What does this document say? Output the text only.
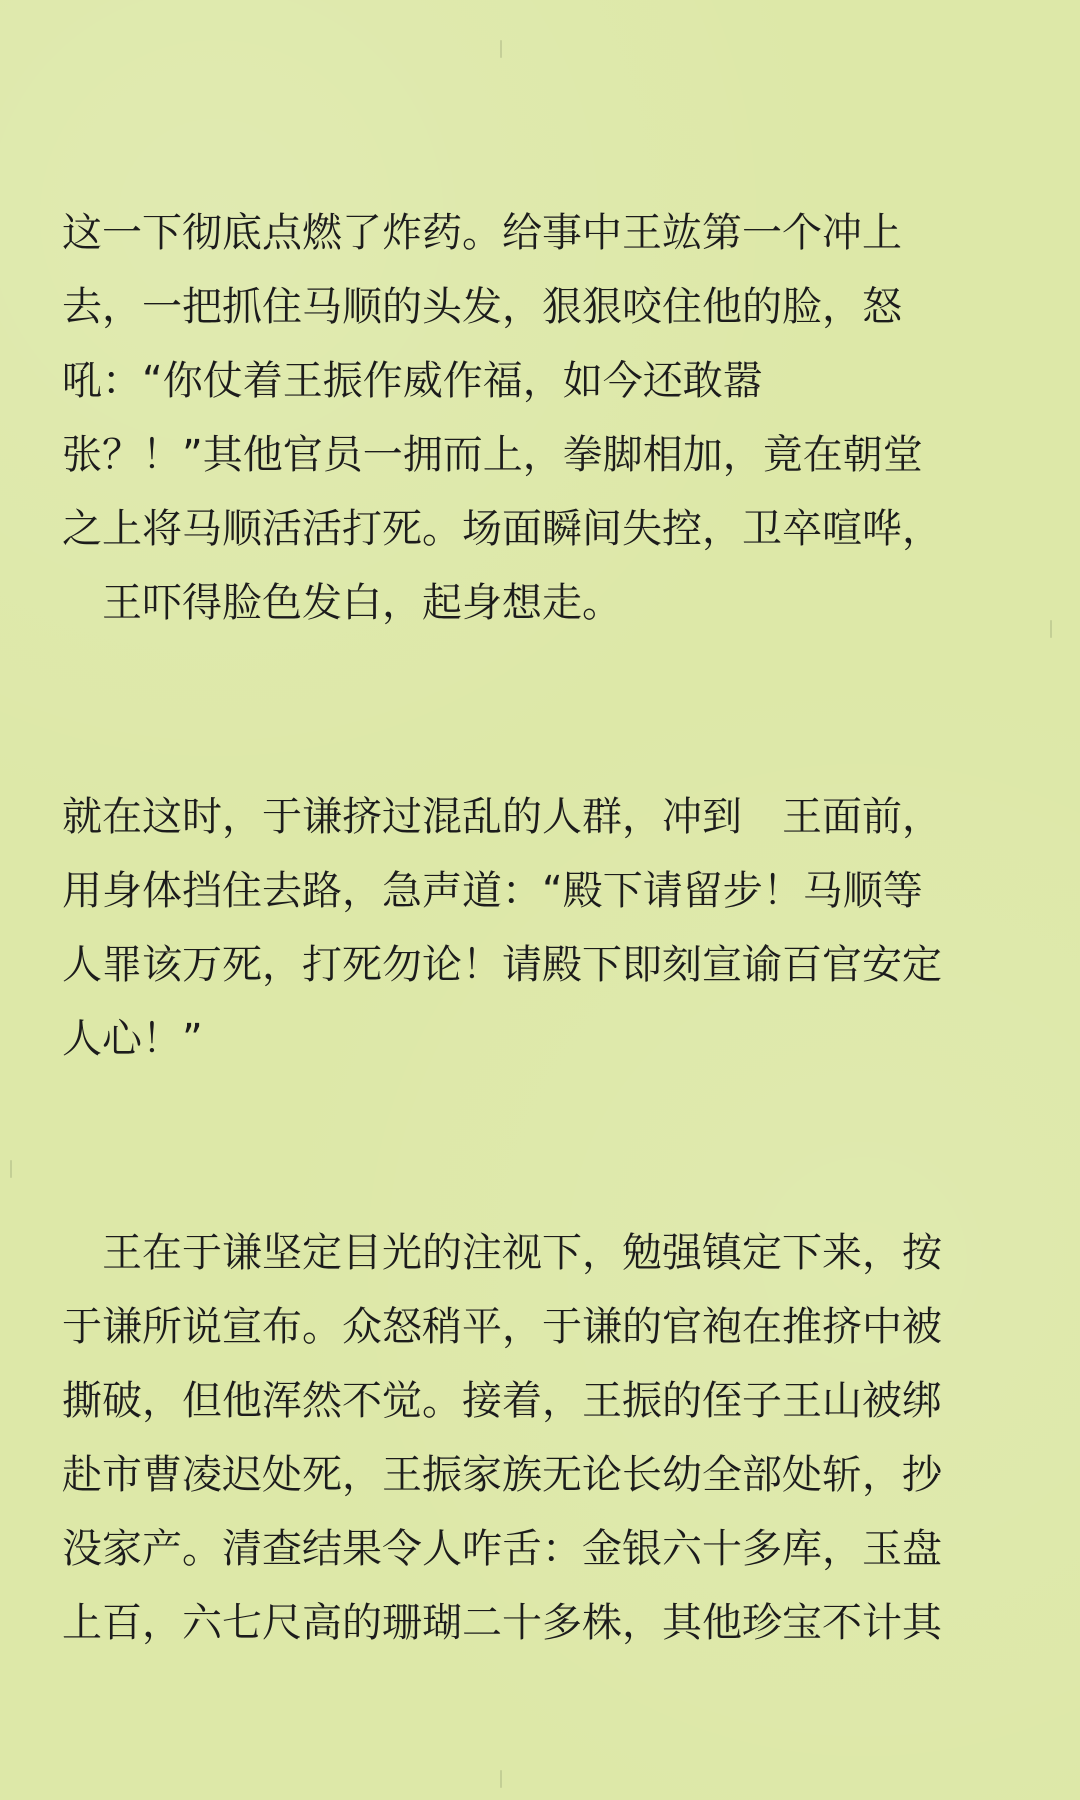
这一下彻底点燃了炸药。给事中王竑第一个冲上
去，一把抓住马顺的头发，狠狠咬住他的脸，怒
吼：“你仗着王振作威作福，如今还敢嚣
张？！”其他官员一拥而上，拳脚相加，竟在朝堂
之上将马顺活活打死。场面瞬间失控，卫卒喧哗，
　王吓得脸色发白，起身想走。
就在这时，于谦挤过混乱的人群，冲到　王面前，
用身体挡住去路，急声道：“殿下请留步！马顺等
人罪该万死，打死勿论！请殿下即刻宣谕百官安定
人心！”
　王在于谦坚定目光的注视下，勉强镇定下来，按
于谦所说宣布。众怒稍平，于谦的官袍在推挤中被
撕破，但他浑然不觉。接着，王振的侄子王山被绑
赴市曹凌迟处死，王振家族无论长幼全部处斩，抄
没家产。清查结果令人咋舌：金银六十多库，玉盘
上百，六七尺高的珊瑚二十多株，其他珍宝不计其
